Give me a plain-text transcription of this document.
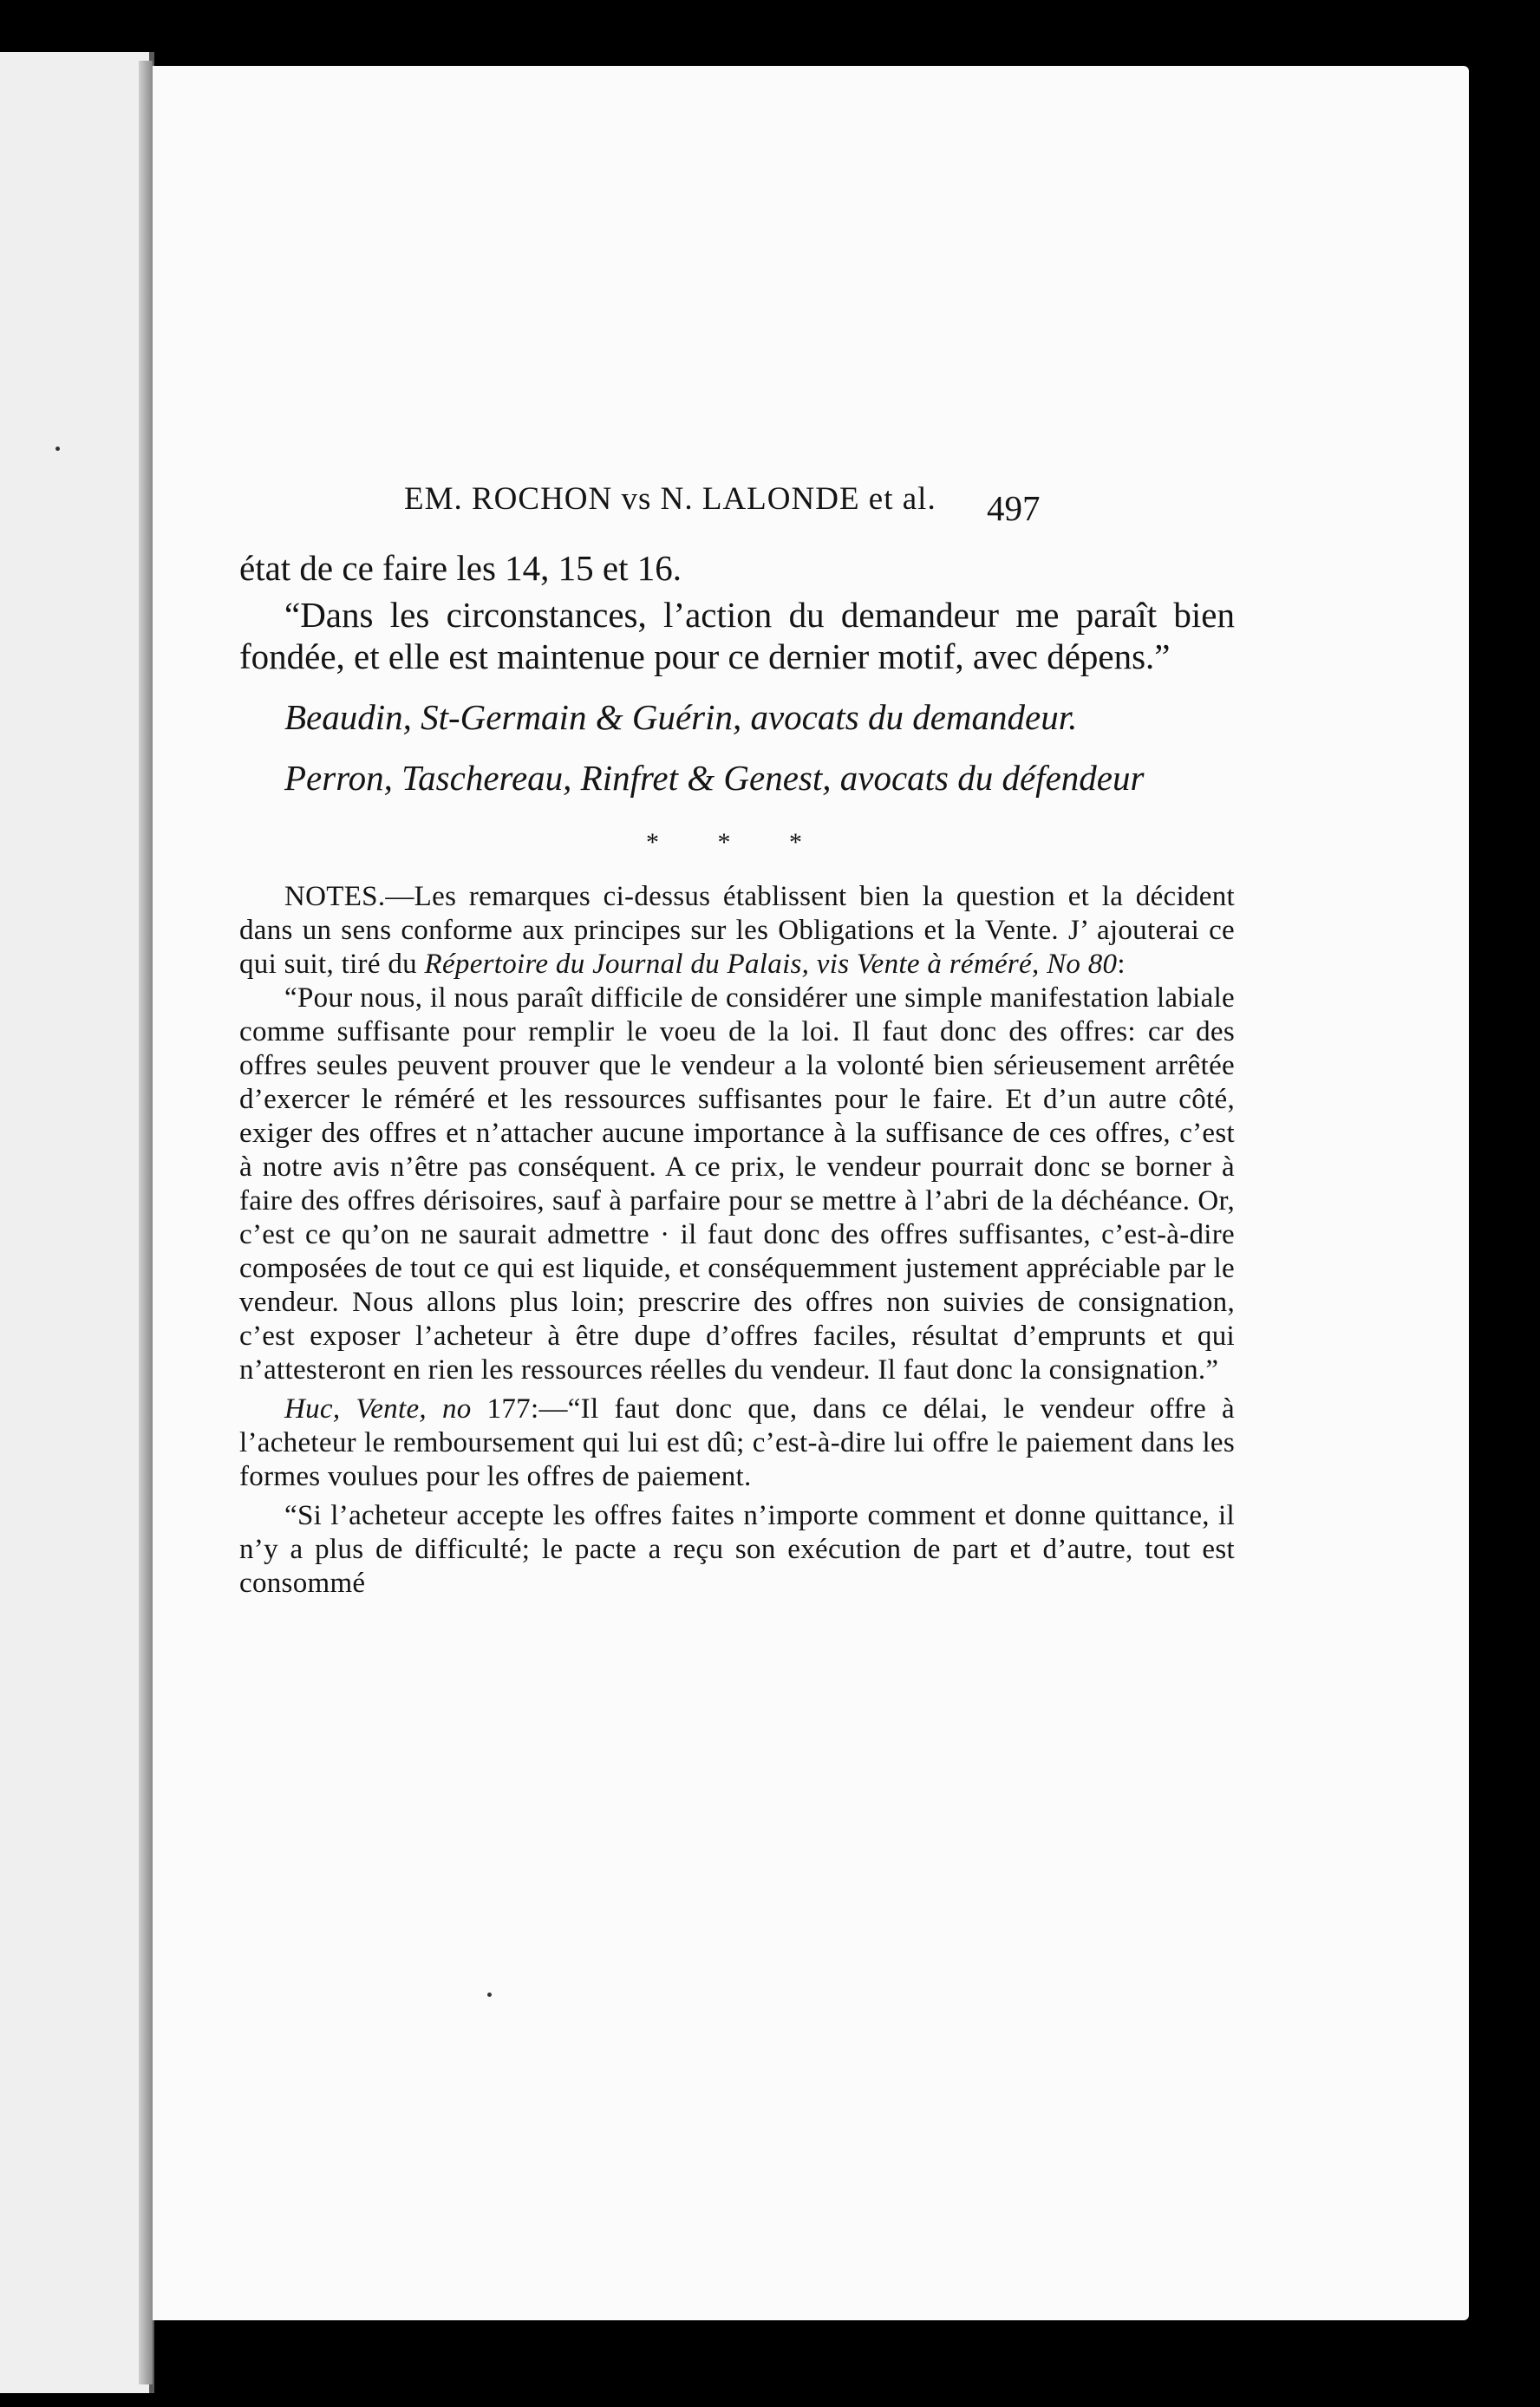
EM. ROCHON vs N. LALONDE et al. 497

état de ce faire les 14, 15 et 16.

“Dans les circonstances, l’action du demandeur me paraît bien fondée, et elle est maintenue pour ce dernier motif, avec dépens.”

Beaudin, St-Germain & Guérin, avocats du demandeur.

Perron, Taschereau, Rinfret & Genest, avocats du défendeur

* * *

NOTES.—Les remarques ci-dessus établissent bien la question et la décident dans un sens conforme aux principes sur les Obligations et la Vente. J’ ajouterai ce qui suit, tiré du Répertoire du Journal du Palais, vis Vente à réméré, No 80:

“Pour nous, il nous paraît difficile de considérer une simple manifestation labiale comme suffisante pour remplir le voeu de la loi. Il faut donc des offres: car des offres seules peuvent prouver que le vendeur a la volonté bien sérieusement arrêtée d’exercer le réméré et les ressources suffisantes pour le faire. Et d’un autre côté, exiger des offres et n’attacher aucune importance à la suffisance de ces offres, c’est à notre avis n’être pas conséquent. A ce prix, le vendeur pourrait donc se borner à faire des offres dérisoires, sauf à parfaire pour se mettre à l’abri de la déchéance. Or, c’est ce qu’on ne saurait admettre · il faut donc des offres suffisantes, c’est-à-dire composées de tout ce qui est liquide, et conséquemment justement appréciable par le vendeur. Nous allons plus loin; prescrire des offres non suivies de consignation, c’est exposer l’acheteur à être dupe d’offres faciles, résultat d’emprunts et qui n’attesteront en rien les ressources réelles du vendeur. Il faut donc la consignation.”

Huc, Vente, no 177:—“Il faut donc que, dans ce délai, le vendeur offre à l’acheteur le remboursement qui lui est dû; c’est-à-dire lui offre le paiement dans les formes voulues pour les offres de paiement.

“Si l’acheteur accepte les offres faites n’importe comment et donne quittance, il n’y a plus de difficulté; le pacte a reçu son exécution de part et d’autre, tout est consommé
